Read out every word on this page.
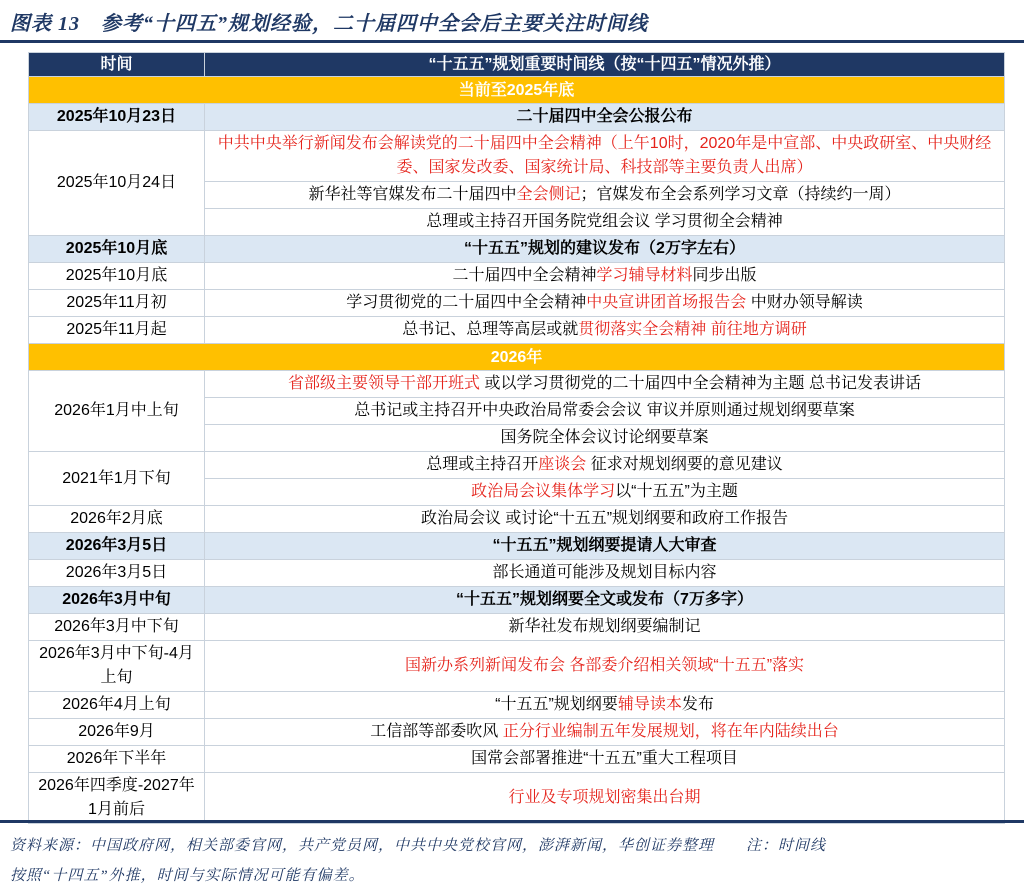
图表 13　参考“十四五”规划经验，二十届四中全会后主要关注时间线
时间	“十五五”规划重要时间线（按“十四五”情况外推）
当前至2025年底	
2025年10月23日	二十届四中全会公报公布
2025年10月24日	中共中央举行新闻发布会解读党的二十届四中全会精神（上午10时，2020年是中宣部、中央政研室、中央财经委、国家发改委、国家统计局、科技部等主要负责人出席）
	新华社等官媒发布二十届四中全会侧记；官媒发布全会系列学习文章（持续约一周）
	总理或主持召开国务院党组会议 学习贯彻全会精神
2025年10月底	“十五五”规划的建议发布（2万字左右）
2025年10月底	二十届四中全会精神学习辅导材料同步出版
2025年11月初	学习贯彻党的二十届四中全会精神中央宣讲团首场报告会 中财办领导解读
2025年11月起	总书记、总理等高层或就贯彻落实全会精神 前往地方调研
2026年	
2026年1月中上旬	省部级主要领导干部开班式 或以学习贯彻党的二十届四中全会精神为主题 总书记发表讲话
	总书记或主持召开中央政治局常委会会议 审议并原则通过规划纲要草案
	国务院全体会议讨论纲要草案
2021年1月下旬	总理或主持召开座谈会 征求对规划纲要的意见建议
	政治局会议集体学习以“十五五”为主题
2026年2月底	政治局会议 或讨论“十五五”规划纲要和政府工作报告
2026年3月5日	“十五五”规划纲要提请人大审查
2026年3月5日	部长通道可能涉及规划目标内容
2026年3月中旬	“十五五”规划纲要全文或发布（7万多字）
2026年3月中下旬	新华社发布规划纲要编制记
2026年3月中下旬-4月上旬	国新办系列新闻发布会 各部委介绍相关领域“十五五”落实
2026年4月上旬	“十五五”规划纲要辅导读本发布
2026年9月	工信部等部委吹风 正分行业编制五年发展规划，将在年内陆续出台
2026年下半年	国常会部署推进“十五五”重大工程项目
2026年四季度-2027年1月前后	行业及专项规划密集出台期
资料来源：中国政府网，相关部委官网，共产党员网，中共中央党校官网，澎湃新闻，华创证券整理　　注：时间线
按照“十四五”外推，时间与实际情况可能有偏差。
